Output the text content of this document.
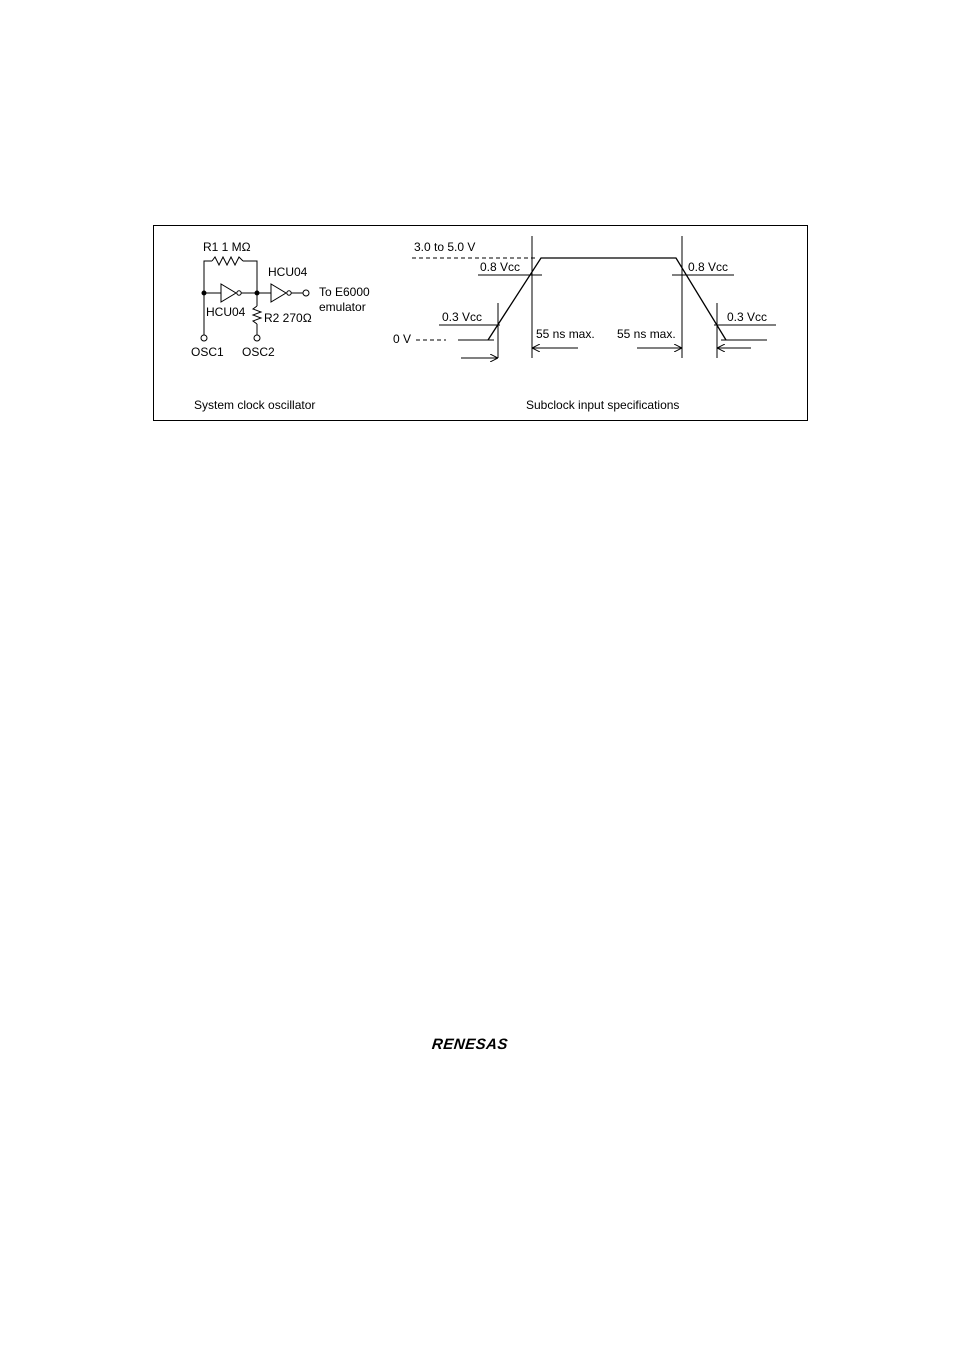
R1 1 MΩ
HCU04
HCU04
To E6000
emulator
R2 270Ω
OSC1 OSC2
System clock oscillator
3.0 to 5.0 V
0.8 Vcc	0.8 Vcc
0.3 Vcc	0.3 Vcc
0 V	55 ns max. 55 ns max.
Subclock input specifications
RENESAS
